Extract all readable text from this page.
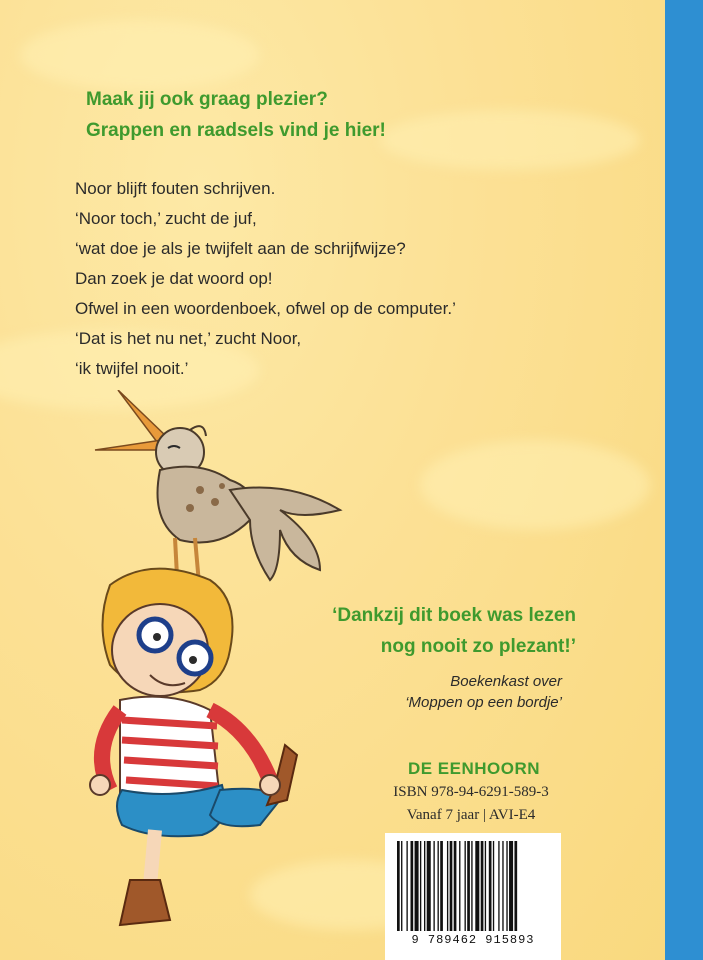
Maak jij ook graag plezier?
Grappen en raadsels vind je hier!
Noor blijft fouten schrijven.
‘Noor toch,’ zucht de juf,
‘wat doe je als je twijfelt aan de schrijfwijze?
Dan zoek je dat woord op!
Ofwel in een woordenboek, ofwel op de computer.’
‘Dat is het nu net,’ zucht Noor,
‘ik twijfel nooit.’
‘Dankzij dit boek was lezen
nog nooit zo plezant!’
Boekenkast over
‘Moppen op een bordje’
DE EENHOORN
ISBN 978-94-6291-589-3
Vanaf 7 jaar | AVI-E4
9 789462 915893
